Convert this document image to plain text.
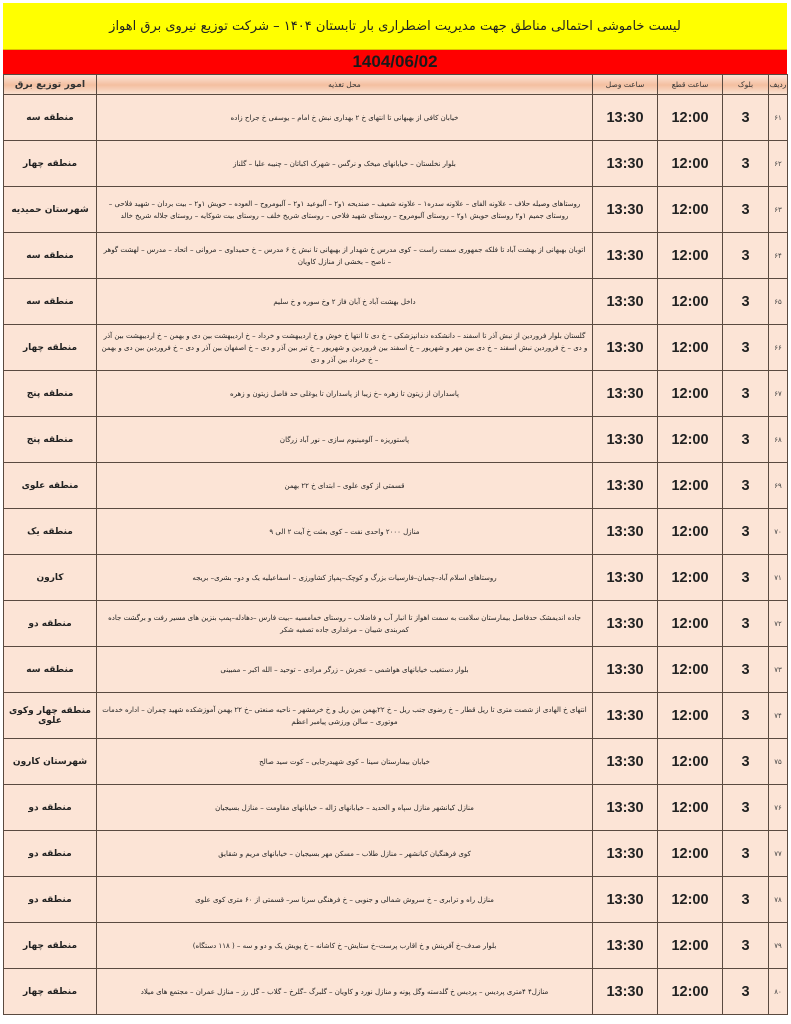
لیست خاموشی احتمالی مناطق جهت مدیریت اضطراری بار تابستان ۱۴۰۴ – شرکت توزیع نیروی برق اهواز
1404/06/02
ردیف	بلوک	ساعت قطع	ساعت وصل	محل تغذیه	امور توزیع برق
۶۱	3	12:00	13:30	خیابان کافی از بهبهانی تا انتهای خ ۲ بهداری نبش خ امام – یوسفی خ جراح زاده	منطقه سه
۶۲	3	12:00	13:30	بلوار نخلستان – خیابانهای میخک و نرگس – شهرک اکباتان – چنیبه علیا – گلناز	منطقه چهار
۶۳	3	12:00	13:30	روستاهای وصیله حلاف – علاونه الفای – علاونه سدره۱ – علاونه شعیف – صندیحه ۱و۲ – آلبوعید ۱و۲ – آلبومروح – العوده – حویش ۱و۲ – بیت بردان – شهید فلاحی – روستای جمیم ۱و۲ روستای حویش ۱و۲ – روستای آلبومروح – روستای شهید فلاحی – روستای شریخ خلف – روستای بیت شوکایه – روستای جلاله شریخ خالد	شهرستان حمیدیه
۶۴	3	12:00	13:30	اتوبان بهبهانی از بهشت آباد تا فلکه جمهوری سمت راست – کوی مدرس خ شهدار از بهبهانی تا نبش خ ۶ مدرس – خ حمیداوی – مروانی – اتحاد – مدرس – لهشت گوهر – ناصح – بخشی از منازل کاویان	منطقه سه
۶۵	3	12:00	13:30	داخل بهشت آباد خ آبان فاز ۲ وخ سوره و خ سلیم	منطقه سه
۶۶	3	12:00	13:30	گلستان بلوار فروردین از نبش آذر تا اسفند – دانشکده دندانپزشکی – خ دی تا انتها خ خوش و خ اردیبهشت و خرداد – خ اردیبهشت بین دی و بهمن – خ اردیبهشت بین آذر و دی – خ فروردین نبش اسفند – خ دی بین مهر و شهریور – خ اسفند بین فروردین و شهریور – خ تیر بین آذر و دی – خ اصفهان بین آذر و دی – خ فروردین بین دی و بهمن – خ خرداد بین آذر و دی	منطقه چهار
۶۷	3	12:00	13:30	پاسداران از زیتون تا زهره –خ زیبا از پاسداران تا یوغلی حد فاصل زیتون و زهره	منطقه پنج
۶۸	3	12:00	13:30	پاستوریزه – آلومینیوم سازی – نور آباد زرگان	منطقه پنج
۶۹	3	12:00	13:30	قسمتی از کوی علوی – ابتدای خ ۲۲ بهمن	منطقه علوی
۷۰	3	12:00	13:30	منازل ۲۰۰۰ واحدی نفت – کوی بعثت خ آیت ۲ الی ۹	منطقه یک
۷۱	3	12:00	13:30	روستاهای اسلام آباد–چمیان–فارسیات بزرگ و کوچک–پمپاژ کشاورزی – اسماعیلیه یک و دو– بشری– بریجه	کارون
۷۲	3	12:00	13:30	جاده اندیمشک حدفاصل بیمارستان سلامت به سمت اهواز تا انبار آب و فاضلاب – روستای خمامسیه –بیت فارس –دهادله–پمپ بنزین های مسیر رفت و برگشت جاده کمربندی شیبان – مرغداری جاده تصفیه شکر	منطقه دو
۷۳	3	12:00	13:30	بلوار دستغیب خیابانهای هواشمی – عجرش – زرگر مرادی – توحید – الله اکبر – ممبینی	منطقه سه
۷۴	3	12:00	13:30	انتهای خ الهادی از شصت متری تا ریل قطار – خ رضوی جنب ریل – خ ۲۲بهمن بین ریل و خ خرمشهر – ناحیه صنعتی –خ ۲۲ بهمن آموزشکده شهید چمران – اداره خدمات موتوری – سالن ورزشی پیامبر اعظم	منطقه چهار وکوی علوی
۷۵	3	12:00	13:30	خیابان بیمارستان سینا – کوی شهیدرجایی – کوت سید صالح	شهرستان کارون
۷۶	3	12:00	13:30	منازل کیانشهر منازل سپاه و الحدید – خیابانهای ژاله – خیابانهای مقاومت – منازل بسیجیان	منطقه دو
۷۷	3	12:00	13:30	کوی فرهنگیان کیانشهر – منازل طلاب – مسکن مهر بسیجیان – خیابانهای مریم و شقایق	منطقه دو
۷۸	3	12:00	13:30	منازل راه و ترابری – خ سروش شمالی و جنوبی – خ فرهنگی سرنا سر– قسمتی از ۶۰ متری کوی علوی	منطقه دو
۷۹	3	12:00	13:30	بلوار صدف–خ آفرینش و خ اقارب پرست–خ ستایش– خ کاشانه – خ پویش یک و دو و سه – ( ۱۱۸ دستگاه)	منطقه چهار
۸۰	3	12:00	13:30	منازل۴ ۴متری پردیس – پردیس خ گلدسته وگل پونه و منازل نورد و کاویان – گلبرگ –گلرخ – گلاب – گل رز – منازل عمران – مجتمع های میلاد	منطقه چهار
